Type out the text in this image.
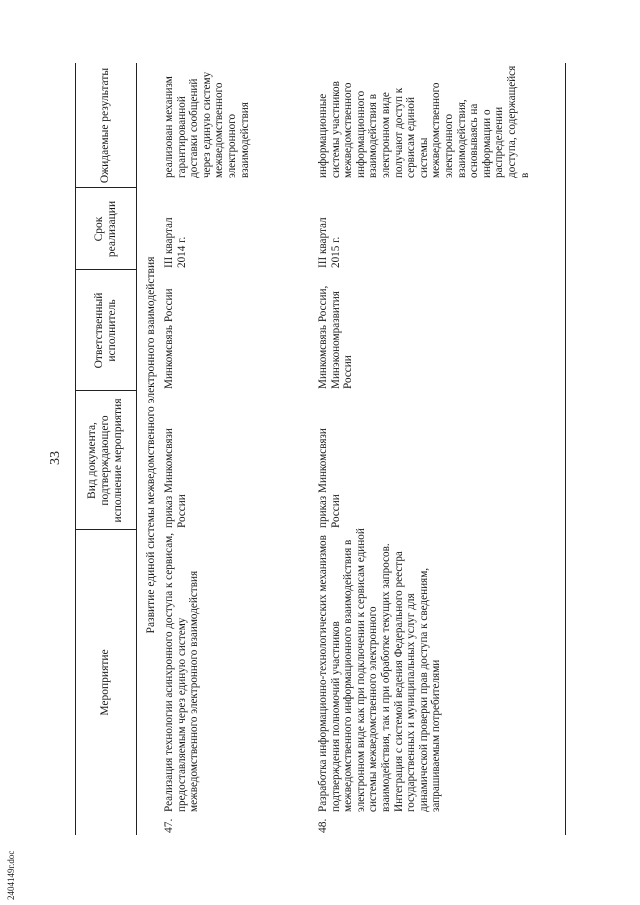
33
2404149г.doc
Мероприятие
Вид документа, подтверждающего исполнение мероприятия
Ответственный исполнитель
Срок реализации
Ожидаемые результаты
Развитие единой системы межведомственного электронного взаимодействия
47.
Реализация технологии асинхронного доступа к сервисам, предоставляемым через единую систему межведомственного электронного взаимодействия
приказ Минкомсвязи России
Минкомсвязь России
III квартал 2014 г.
реализован механизм гарантированной доставки сообщений через единую систему межведомственного электронного взаимодействия
48.
Разработка информационно-технологических механизмов подтверждения полномочий участников межведомственного информационного взаимодействия в электронном виде как при подключении к сервисам единой системы межведомственного электронного взаимодействия, так и при обработке текущих запросов. Интеграция с системой ведения Федерального реестра государственных и муниципальных услуг для динамической проверки прав доступа к сведениям, запрашиваемым потребителями
приказ Минкомсвязи России
Минкомсвязь России, Минэкономразвития России
III квартал 2015 г.
информационные системы участников межведомственного информационного взаимодействия в электронном виде получают доступ к сервисам единой системы межведомственного электронного взаимодействия, основываясь на информации о распределении доступа, содержащейся в
